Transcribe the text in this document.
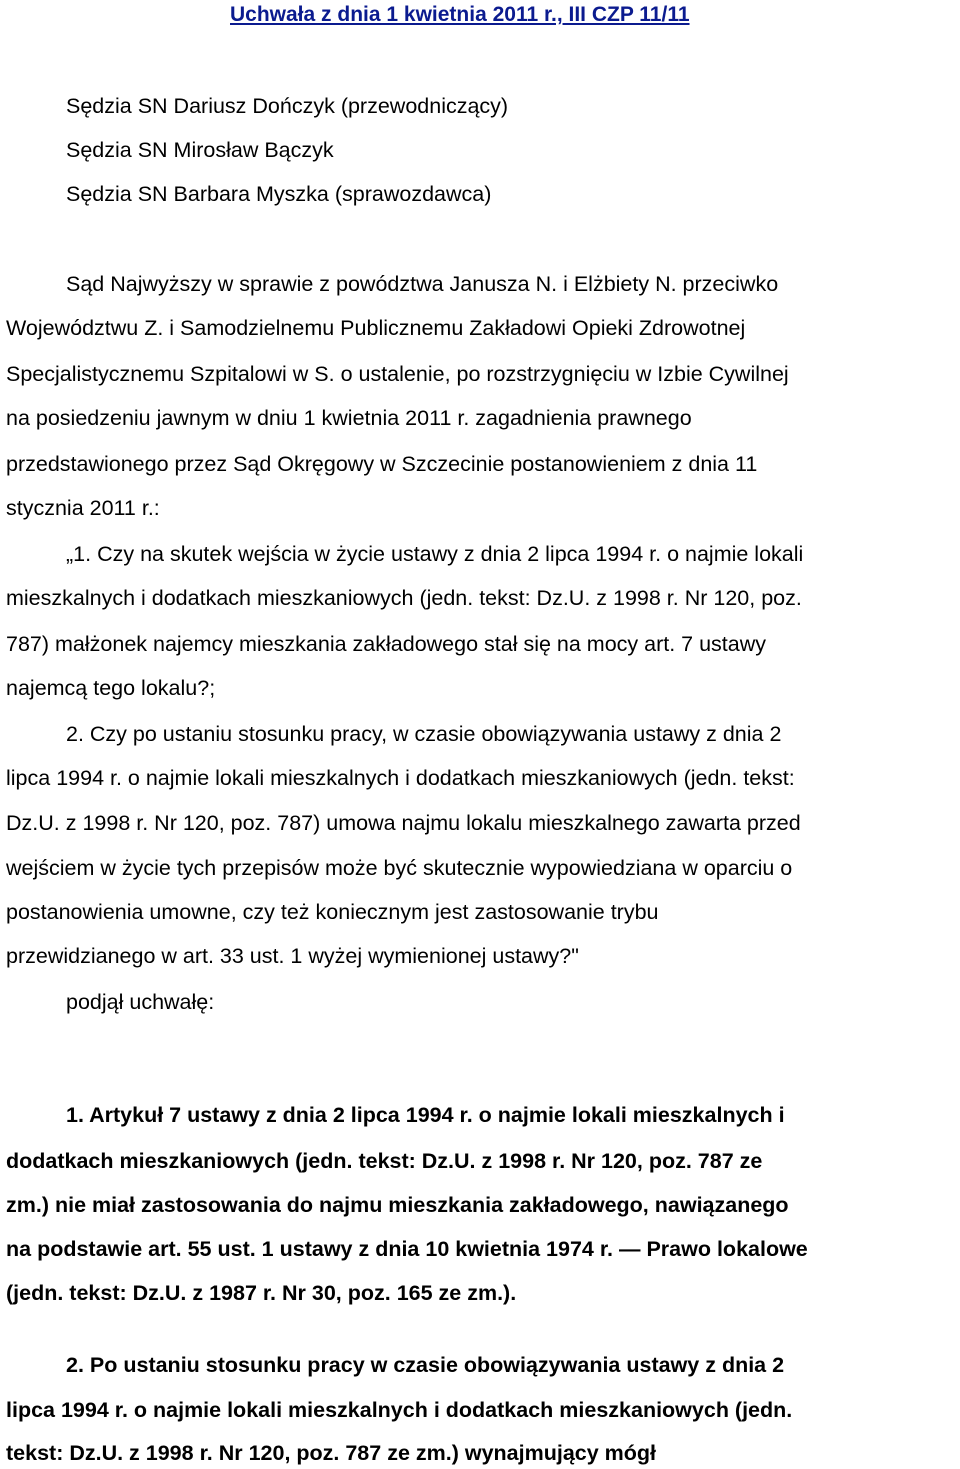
Uchwała z dnia 1 kwietnia 2011 r., III CZP 11/11
Sędzia SN Dariusz Dończyk (przewodniczący)
Sędzia SN Mirosław Bączyk
Sędzia SN Barbara Myszka (sprawozdawca)
Sąd Najwyższy w sprawie z powództwa Janusza N. i Elżbiety N. przeciwko
Województwu Z. i Samodzielnemu Publicznemu Zakładowi Opieki Zdrowotnej
Specjalistycznemu Szpitalowi w S. o ustalenie, po rozstrzygnięciu w Izbie Cywilnej
na posiedzeniu jawnym w dniu 1 kwietnia 2011 r. zagadnienia prawnego
przedstawionego przez Sąd Okręgowy w Szczecinie postanowieniem z dnia 11
stycznia 2011 r.:
„1. Czy na skutek wejścia w życie ustawy z dnia 2 lipca 1994 r. o najmie lokali
mieszkalnych i dodatkach mieszkaniowych (jedn. tekst: Dz.U. z 1998 r. Nr 120, poz.
787) małżonek najemcy mieszkania zakładowego stał się na mocy art. 7 ustawy
najemcą tego lokalu?;
2. Czy po ustaniu stosunku pracy, w czasie obowiązywania ustawy z dnia 2
lipca 1994 r. o najmie lokali mieszkalnych i dodatkach mieszkaniowych (jedn. tekst:
Dz.U. z 1998 r. Nr 120, poz. 787) umowa najmu lokalu mieszkalnego zawarta przed
wejściem w życie tych przepisów może być skutecznie wypowiedziana w oparciu o
postanowienia umowne, czy też koniecznym jest zastosowanie trybu
przewidzianego w art. 33 ust. 1 wyżej wymienionej ustawy?"
podjął uchwałę:
1. Artykuł 7 ustawy z dnia 2 lipca 1994 r. o najmie lokali mieszkalnych i
dodatkach mieszkaniowych (jedn. tekst: Dz.U. z 1998 r. Nr 120, poz. 787 ze
zm.) nie miał zastosowania do najmu mieszkania zakładowego, nawiązanego
na podstawie art. 55 ust. 1 ustawy z dnia 10 kwietnia 1974 r. — Prawo lokalowe
(jedn. tekst: Dz.U. z 1987 r. Nr 30, poz. 165 ze zm.).
2. Po ustaniu stosunku pracy w czasie obowiązywania ustawy z dnia 2
lipca 1994 r. o najmie lokali mieszkalnych i dodatkach mieszkaniowych (jedn.
tekst: Dz.U. z 1998 r. Nr 120, poz. 787 ze zm.) wynajmujący mógł
